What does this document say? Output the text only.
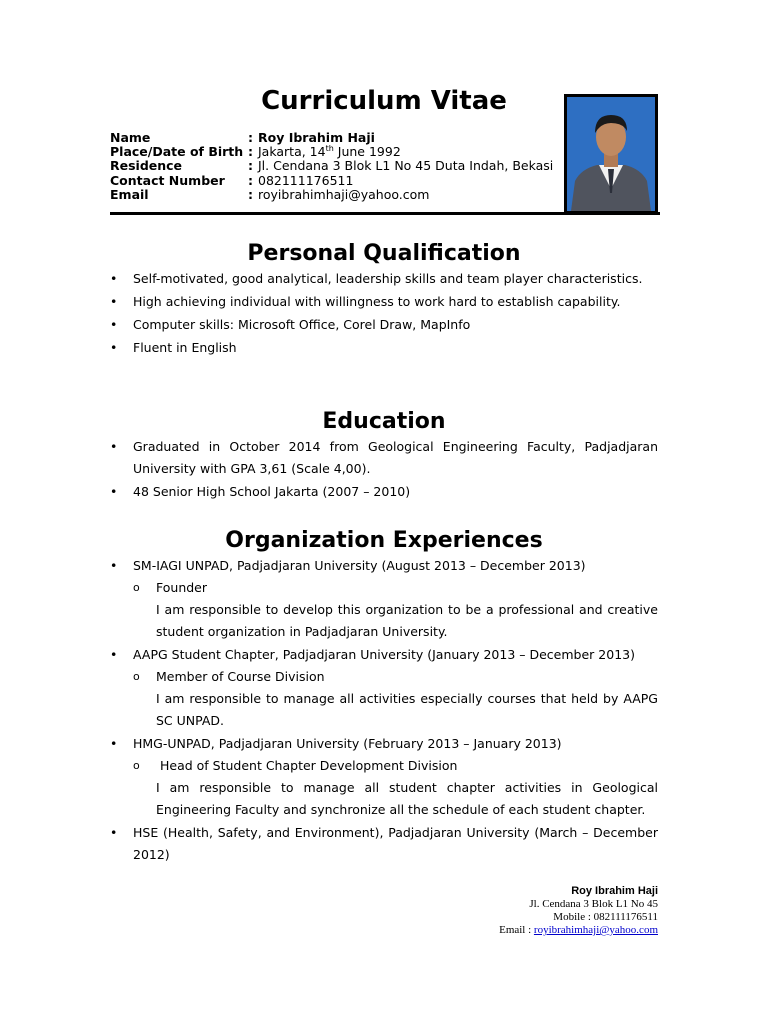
Curriculum Vitae
Name	: Roy Ibrahim Haji
Place/Date of Birth : Jakarta, 14th June 1992
Residence	: Jl. Cendana 3 Blok L1 No 45 Duta Indah, Bekasi
Contact Number	: 082111176511
Email	: royibrahimhaji@yahoo.com
Personal Qualification
• Self-motivated, good analytical, leadership skills and team player characteristics.
• High achieving individual with willingness to work hard to establish capability.
• Computer skills: Microsoft Office, Corel Draw, MapInfo
• Fluent in English
Education
• Graduated in October 2014 from Geological Engineering Faculty, Padjadjaran University with GPA 3,61 (Scale 4,00).
• 48 Senior High School Jakarta (2007 – 2010)
Organization Experiences
• SM-IAGI UNPAD, Padjadjaran University (August 2013 – December 2013)
o Founder
I am responsible to develop this organization to be a professional and creative student organization in Padjadjaran University.
• AAPG Student Chapter, Padjadjaran University (January 2013 – December 2013)
o Member of Course Division
I am responsible to manage all activities especially courses that held by AAPG SC UNPAD.
• HMG-UNPAD, Padjadjaran University (February 2013 – January 2013)
o Head of Student Chapter Development Division
I am responsible to manage all student chapter activities in Geological Engineering Faculty and synchronize all the schedule of each student chapter.
• HSE (Health, Safety, and Environment), Padjadjaran University (March – December 2012)
Roy Ibrahim Haji
Jl. Cendana 3 Blok L1 No 45
Mobile : 082111176511
Email : royibrahimhaji@yahoo.com
